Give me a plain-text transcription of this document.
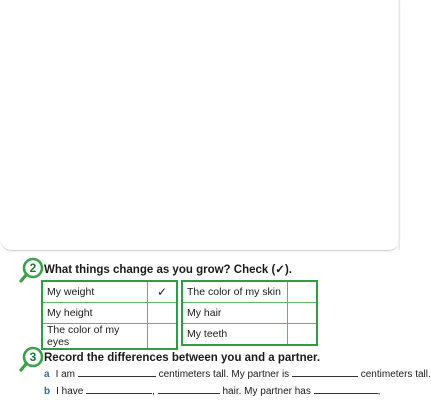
2 What things change as you grow? Check (✓).
My weight	✓
My height	
The color of my eyes	
The color of my skin	
My hair	
My teeth	
3 Record the differences between you and a partner.
a I am	centimeters tall. My partner is	centimeters tall.
b I have	,	hair. My partner has	,
